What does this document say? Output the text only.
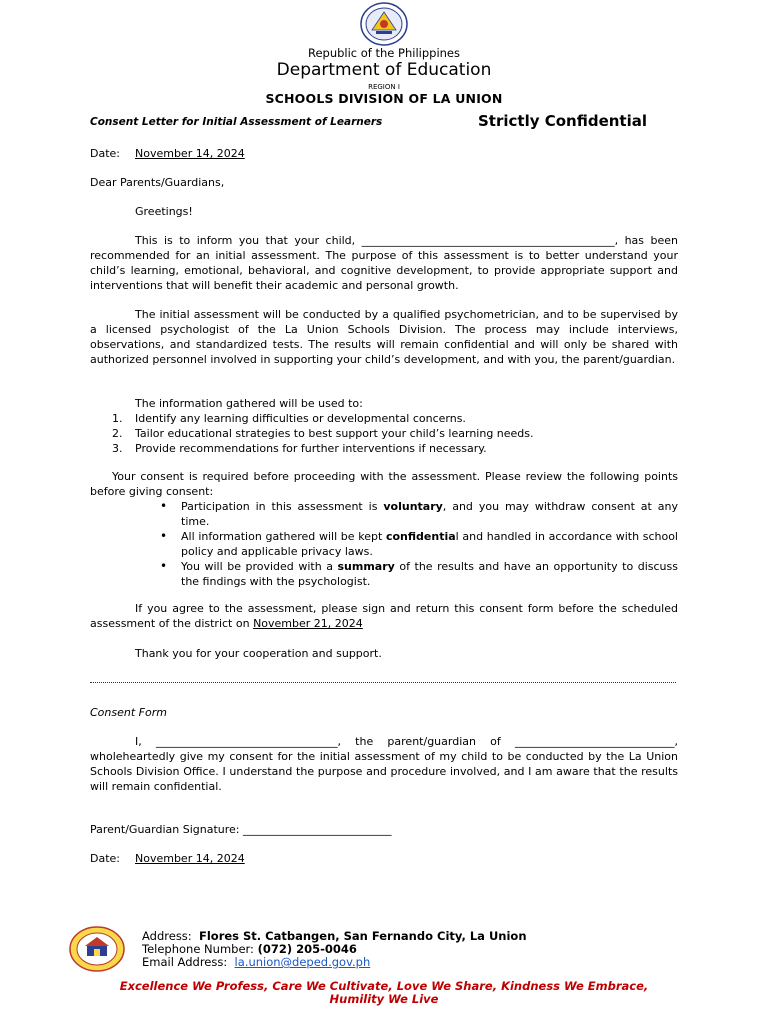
Republic of the Philippines
Department of Education
REGION I
SCHOOLS DIVISION OF LA UNION
Consent Letter for Initial Assessment of Learners	Strictly Confidential
Date: November 14, 2024
Dear Parents/Guardians,
Greetings!
This is to inform you that your child, ______________________________________________, has been recommended for an initial assessment. The purpose of this assessment is to better understand your child’s learning, emotional, behavioral, and cognitive development, to provide appropriate support and interventions that will benefit their academic and personal growth.
The initial assessment will be conducted by a qualified psychometrician, and to be supervised by a licensed psychologist of the La Union Schools Division. The process may include interviews, observations, and standardized tests. The results will remain confidential and will only be shared with authorized personnel involved in supporting your child’s development, and with you, the parent/guardian.
The information gathered will be used to:
1. Identify any learning difficulties or developmental concerns.
2. Tailor educational strategies to best support your child’s learning needs.
3. Provide recommendations for further interventions if necessary.
Your consent is required before proceeding with the assessment. Please review the following points before giving consent:
• Participation in this assessment is voluntary, and you may withdraw consent at any time.
• All information gathered will be kept confidential and handled in accordance with school policy and applicable privacy laws.
• You will be provided with a summary of the results and have an opportunity to discuss the findings with the psychologist.
If you agree to the assessment, please sign and return this consent form before the scheduled assessment of the district on November 21, 2024
Thank you for your cooperation and support.
Consent Form
I, _________________________________, the parent/guardian of _____________________________, wholeheartedly give my consent for the initial assessment of my child to be conducted by the La Union Schools Division Office. I understand the purpose and procedure involved, and I am aware that the results will remain confidential.
Parent/Guardian Signature: ___________________________
Date: November 14, 2024
Address: Flores St. Catbangen, San Fernando City, La Union
Telephone Number: (072) 205-0046
Email Address: la.union@deped.gov.ph
Excellence We Profess, Care We Cultivate, Love We Share, Kindness We Embrace,
Humility We Live
